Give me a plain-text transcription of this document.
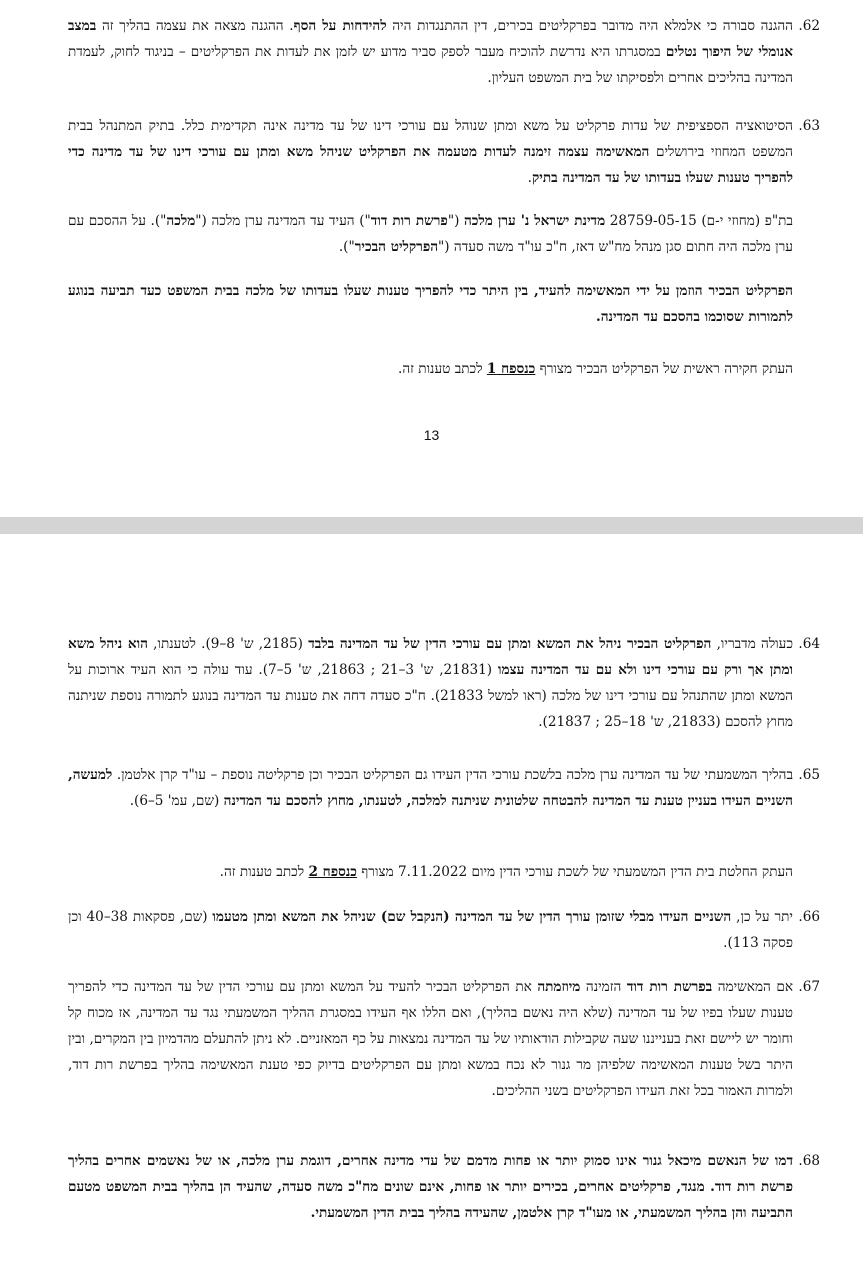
62.
ההגנה סבורה כי אלמלא היה מדובר בפרקליטים בכירים, דין ההתנגדות היה להידחות על הסף. ההגנה מצאה את עצמה בהליך זה במצב אנומלי של היפוך נטלים במסגרתו היא נדרשת להוכיח מעבר לספק סביר מדוע יש לזמן את לעדות את הפרקליטים – בניגוד לחוק, לעמדת המדינה בהליכים אחרים ולפסיקתו של בית המשפט העליון.
63.
הסיטואציה הספציפית של עדות פרקליט על משא ומתן שנוהל עם עורכי דינו של עד מדינה אינה תקדימית כלל. בתיק המתנהל בבית המשפט המחוזי בירושלים המאשימה עצמה זימנה לעדות מטעמה את הפרקליט שניהל משא ומתן עם עורכי דינו של עד מדינה כדי להפריך טענות שעלו בעדותו של עד המדינה בתיק.
בת"פ (מחוזי י-ם) 28759-05-15 מדינת ישראל נ' ערן מלכה ("פרשת רות דוד") העיד עד המדינה ערן מלכה ("מלכה"). על ההסכם עם ערן מלכה היה חתום סגן מנהל מח"ש דאז, ח"כ עו"ד משה סעדה ("הפרקליט הבכיר").
הפרקליט הבכיר הוזמן על ידי המאשימה להעיד, בין היתר כדי להפריך טענות שעלו בעדותו של מלכה בבית המשפט כעד תביעה בנוגע לתמורות שסוכמו בהסכם עד המדינה.
העתק חקירה ראשית של הפרקליט הבכיר מצורף כנספח 1 לכתב טענות זה.
13
64.
כעולה מדבריו, הפרקליט הבכיר ניהל את המשא ומתן עם עורכי הדין של עד המדינה בלבד (2185, ש' 8–9). לטענתו, הוא ניהל משא ומתן אך ורק עם עורכי דינו ולא עם עד המדינה עצמו (21831, ש' 3–21 ; 21863, ש' 5–7). עוד עולה כי הוא העיד ארוכות על המשא ומתן שהתנהל עם עורכי דינו של מלכה (ראו למשל 21833). ח"כ סעדה דחה את טענות עד המדינה בנוגע לתמורה נוספת שניתנה מחוץ להסכם (21833, ש' 18–25 ; 21837).
65.
בהליך המשמעתי של עד המדינה ערן מלכה בלשכת עורכי הדין העידו גם הפרקליט הבכיר וכן פרקליטה נוספת – עו"ד קרן אלטמן. למעשה, השניים העידו בעניין טענת עד המדינה להבטחה שלטונית שניתנה למלכה, לטענתו, מחוץ להסכם עד המדינה (שם, עמ' 5–6).
העתק החלטת בית הדין המשמעתי של לשכת עורכי הדין מיום 7.11.2022 מצורף כנספח 2 לכתב טענות זה.
66.
יתר על כן, השניים העידו מבלי שזומן עורך הדין של עד המדינה (הנקבל שם) שניהל את המשא ומתן מטעמו (שם, פסקאות 38–40 וכן פסקה 113).
67.
אם המאשימה בפרשת רות דוד הזמינה מיוזמתה את הפרקליט הבכיר להעיד על המשא ומתן עם עורכי הדין של עד המדינה כדי להפריך טענות שעלו בפיו של עד המדינה (שלא היה נאשם בהליך), ואם הללו אף העידו במסגרת ההליך המשמעתי נגד עד המדינה, אז מכוח קל וחומר יש ליישם זאת בענייננו שעה שקבילות הודאותיו של עד המדינה נמצאות על כף המאזניים. לא ניתן להתעלם מהדמיון בין המקרים, ובין היתר בשל טענות המאשימה שלפיהן מר גנור לא נכח במשא ומתן עם הפרקליטים בדיוק כפי טענת המאשימה בהליך בפרשת רות דוד, ולמרות האמור בכל זאת העידו הפרקליטים בשני ההליכים.
68.
דמו של הנאשם מיכאל גנור אינו סמוק יותר או פחות מדמם של עדי מדינה אחרים, דוגמת ערן מלכה, או של נאשמים אחרים בהליך פרשת רות דוד. מנגד, פרקליטים אחרים, בכירים יותר או פחות, אינם שונים מח"כ משה סעדה, שהעיד הן בהליך בבית המשפט מטעם התביעה והן בהליך המשמעתי, או מעו"ד קרן אלטמן, שהעידה בהליך בבית הדין המשמעתי.
